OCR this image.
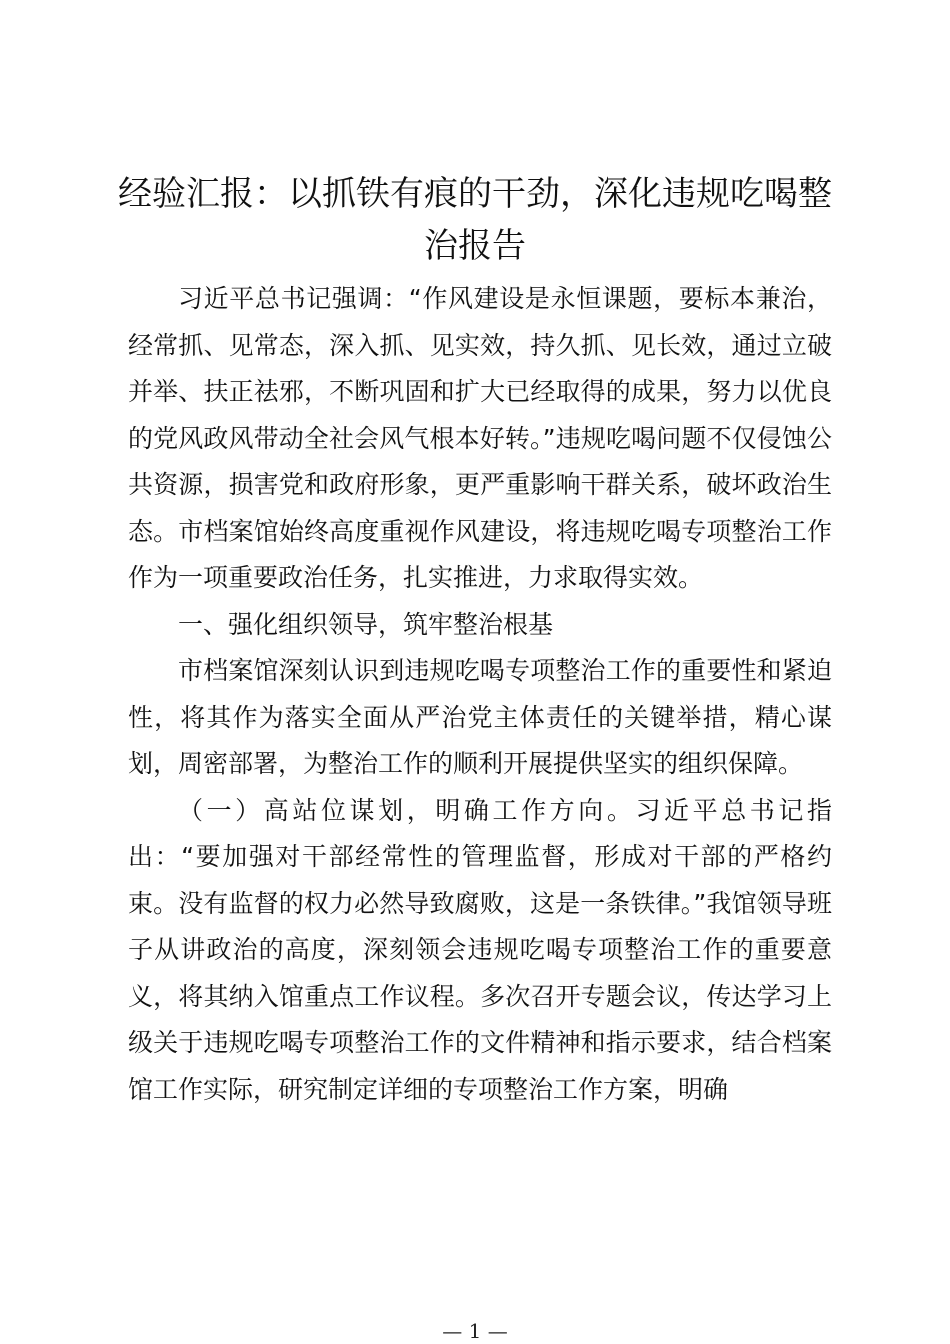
经验汇报：以抓铁有痕的干劲，深化违规吃喝整治报告

习近平总书记强调：“作风建设是永恒课题，要标本兼治，经常抓、见常态，深入抓、见实效，持久抓、见长效，通过立破并举、扶正祛邪，不断巩固和扩大已经取得的成果，努力以优良的党风政风带动全社会风气根本好转。”违规吃喝问题不仅侵蚀公共资源，损害党和政府形象，更严重影响干群关系，破坏政治生态。市档案馆始终高度重视作风建设，将违规吃喝专项整治工作作为一项重要政治任务，扎实推进，力求取得实效。

一、强化组织领导，筑牢整治根基

市档案馆深刻认识到违规吃喝专项整治工作的重要性和紧迫性，将其作为落实全面从严治党主体责任的关键举措，精心谋划，周密部署，为整治工作的顺利开展提供坚实的组织保障。

（一）高站位谋划，明确工作方向。习近平总书记指出：“要加强对干部经常性的管理监督，形成对干部的严格约束。没有监督的权力必然导致腐败，这是一条铁律。”我馆领导班子从讲政治的高度，深刻领会违规吃喝专项整治工作的重要意义，将其纳入馆重点工作议程。多次召开专题会议，传达学习上级关于违规吃喝专项整治工作的文件精神和指示要求，结合档案馆工作实际，研究制定详细的专项整治工作方案，明确

— 1 —
